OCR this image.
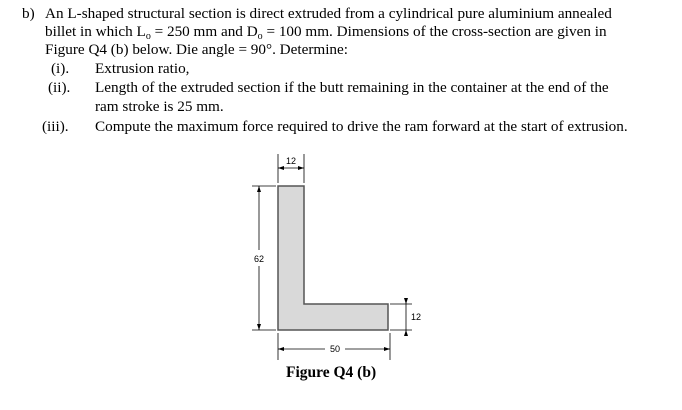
b) An L-shaped structural section is direct extruded from a cylindrical pure aluminium annealed
billet in which $L_o = 250$ mm and $D_o = 100$ mm. Dimensions of the cross-section are given in
Figure Q4 (b) below. Die angle = 90°. Determine:
(i). Extrusion ratio,
(ii). Length of the extruded section if the butt remaining in the container at the end of the
ram stroke is 25 mm.
(iii). Compute the maximum force required to drive the ram forward at the start of extrusion.
12
62
12
50
Figure Q4 (b)
